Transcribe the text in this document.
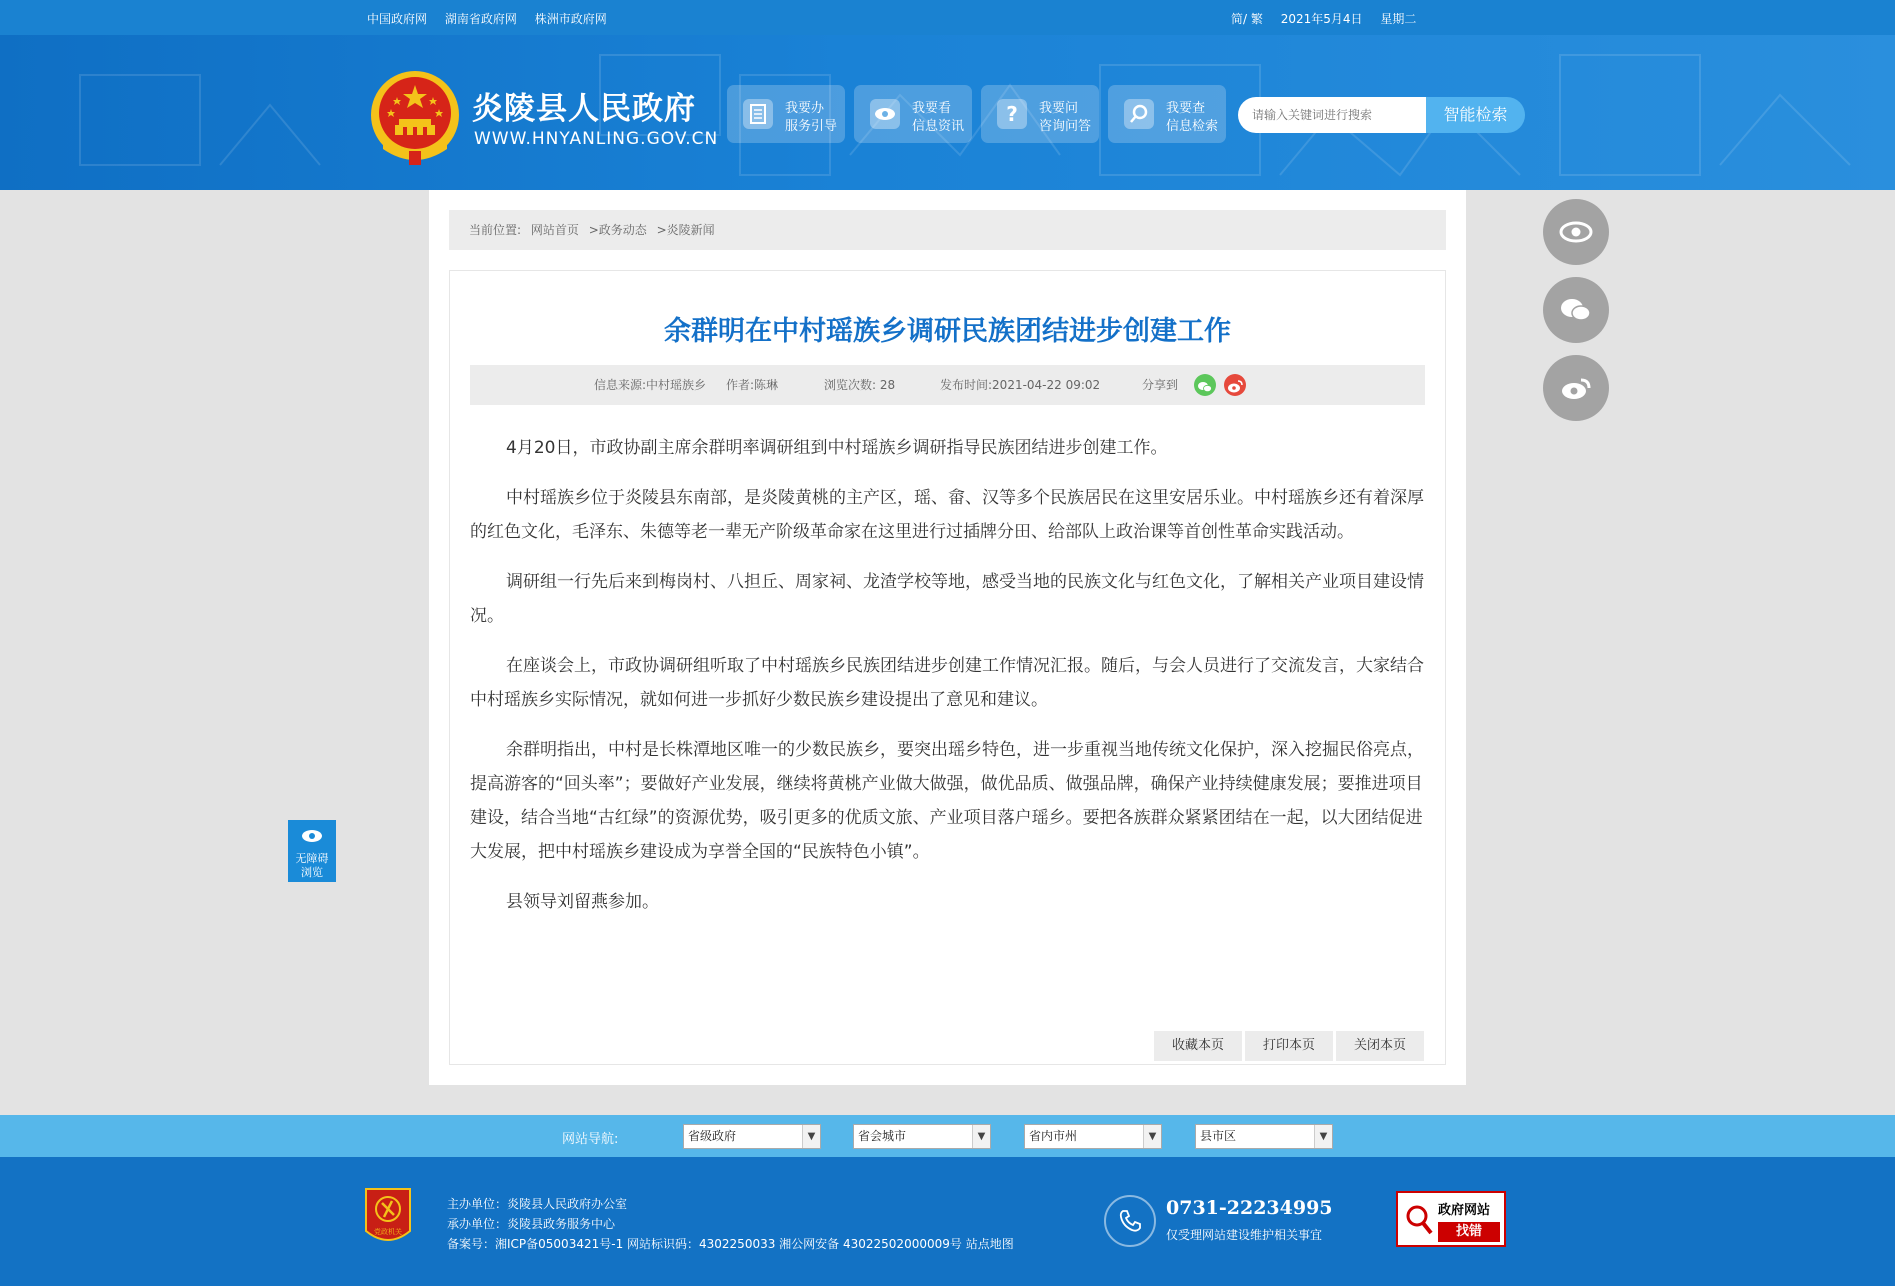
中国政府网 湖南省政府网 株洲市政府网	简/ 繁 2021年5月4日 星期二
炎陵县人民政府
WWW.HNYANLING.GOV.CN
我要办
服务引导
我要看
信息资讯
? 我要问
咨询问答
我要查
信息检索
请输入关键词进行搜索
智能检索
当前位置: 网站首页 >政务动态 >炎陵新闻
余群明在中村瑶族乡调研民族团结进步创建工作
信息来源:中村瑶族乡 作者:陈琳	浏览次数: 28	发布时间:2021-04-22 09:02	分享到

4月20日，市政协副主席余群明率调研组到中村瑶族乡调研指导民族团结进步创建工作。

中村瑶族乡位于炎陵县东南部，是炎陵黄桃的主产区，瑶、畲、汉等多个民族居民在这里安居乐业。中村瑶族乡还有着深厚的红色文化，毛泽东、朱德等老一辈无产阶级革命家在这里进行过插牌分田、给部队上政治课等首创性革命实践活动。

调研组一行先后来到梅岗村、八担丘、周家祠、龙渣学校等地，感受当地的民族文化与红色文化，了解相关产业项目建设情况。

在座谈会上，市政协调研组听取了中村瑶族乡民族团结进步创建工作情况汇报。随后，与会人员进行了交流发言，大家结合中村瑶族乡实际情况，就如何进一步抓好少数民族乡建设提出了意见和建议。

余群明指出，中村是长株潭地区唯一的少数民族乡，要突出瑶乡特色，进一步重视当地传统文化保护，深入挖掘民俗亮点，提高游客的“回头率”；要做好产业发展，继续将黄桃产业做大做强，做优品质、做强品牌，确保产业持续健康发展；要推进项目建设，结合当地“古红绿”的资源优势，吸引更多的优质文旅、产业项目落户瑶乡。要把各族群众紧紧团结在一起，以大团结促进大发展，把中村瑶族乡建设成为享誉全国的“民族特色小镇”。

县领导刘留燕参加。

收藏本页	打印本页	关闭本页
无障碍
浏览
网站导航:	省级政府	▼	省会城市	▼	省内市州	▼	县市区	▼
党政机关
主办单位：炎陵县人民政府办公室
承办单位：炎陵县政务服务中心
备案号：湘ICP备05003421号-1 网站标识码：4302250033 湘公网安备 43022502000009号 站点地图
0731-22234995
仅受理网站建设维护相关事宜
政府网站
找错
